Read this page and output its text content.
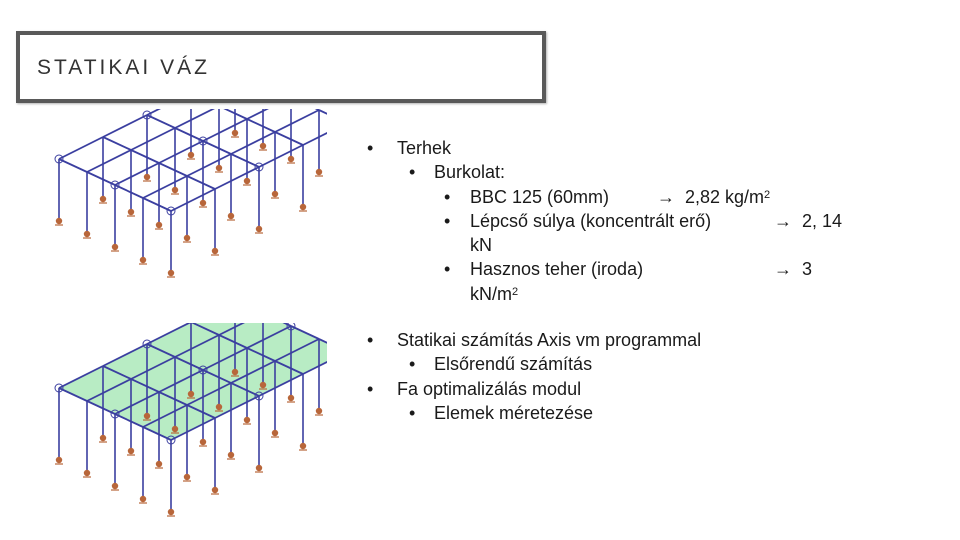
STATIKAI VÁZ
• Terhek
• Burkolat:
• BBC 125 (60mm)	→ 2,82 $kg/m^2$
• Lépcső súlya (koncentrált erő)	→ 2, 14
kN
• Hasznos teher (iroda)	→ 3
$kN/m^2$
• Statikai számítás Axis vm programmal
• Elsőrendű számítás
• Fa optimalizálás modul
• Elemek méretezése
